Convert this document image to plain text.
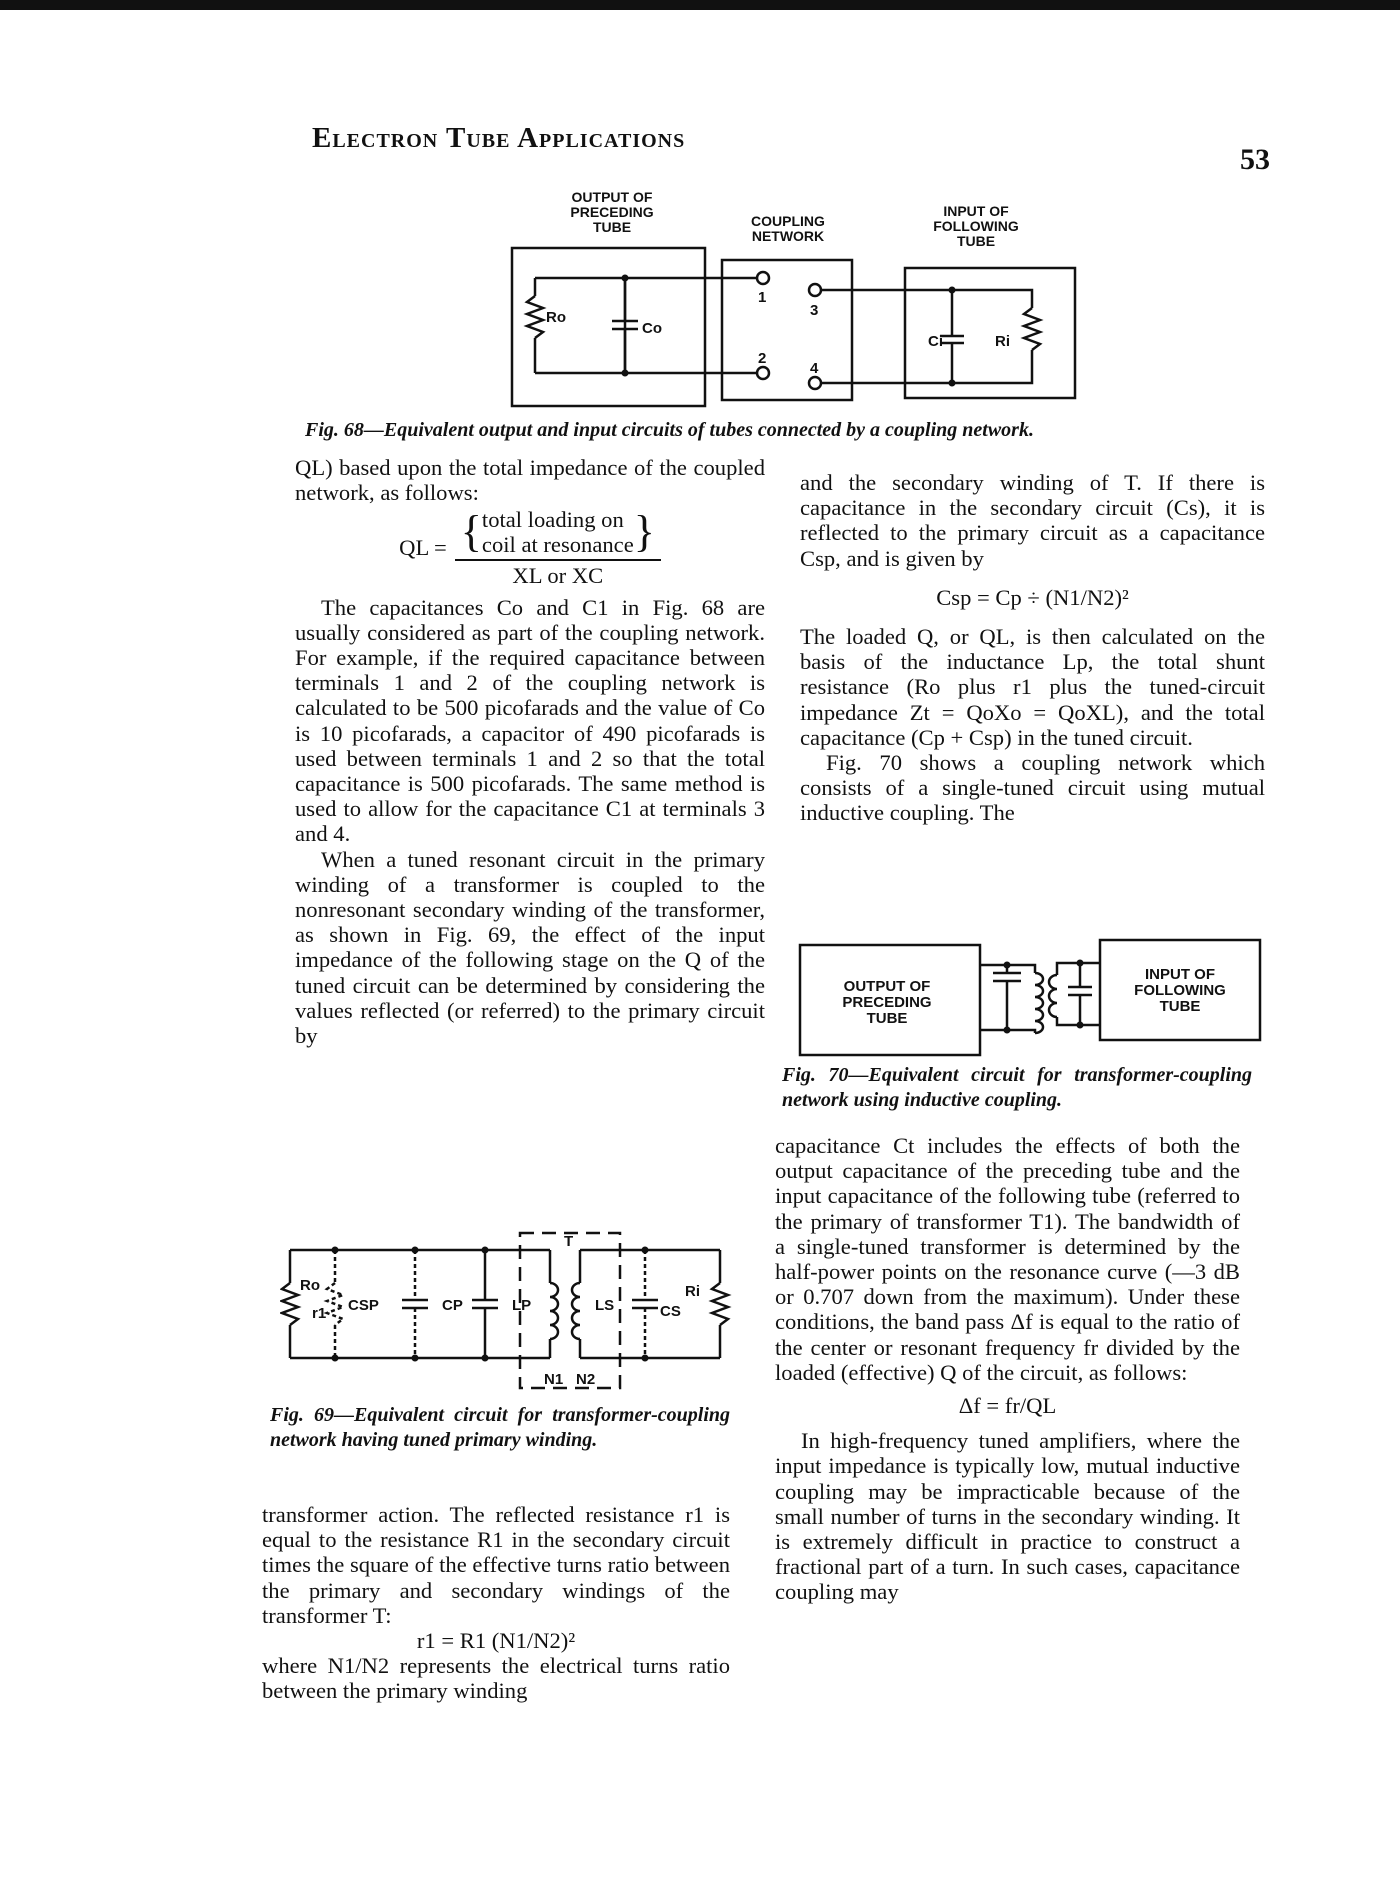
Electron Tube Applications
53
OUTPUT OF
PRECEDING
TUBE	COUPLING
NETWORK
INPUT OF
FOLLOWING
TUBE
Ro
Co
Ci	Ri
1
3
2
4
Fig. 68—Equivalent output and input circuits of tubes connected by a coupling network.

QL) based upon the total impedance of the coupled network, as follows:

QL = { total loading on
coil at resonance }
XL or XC

The capacitances Co and C1 in Fig. 68 are usually considered as part of the coupling network. For example, if the required capacitance between terminals 1 and 2 of the coupling network is calculated to be 500 picofarads and the value of Co is 10 picofarads, a capacitor of 490 picofarads is used between terminals 1 and 2 so that the total capacitance is 500 picofarads. The same method is used to allow for the capacitance C1 at terminals 3 and 4.

When a tuned resonant circuit in the primary winding of a transformer is coupled to the nonresonant secondary winding of the transformer, as shown in Fig. 69, the effect of the input impedance of the following stage on the Q of the tuned circuit can be determined by considering the values reflected (or referred) to the primary circuit by

Ro
r1 CSP	CP	LP
T
LS	CS
Ri
N1 N2
Fig. 69—Equivalent circuit for transformer-coupling network having tuned primary winding.

transformer action. The reflected resistance r1 is equal to the resistance R1 in the secondary circuit times the square of the effective turns ratio between the primary and secondary windings of the transformer T:

r1 = R1 (N1/N2)²

where N1/N2 represents the electrical turns ratio between the primary winding

and the secondary winding of T. If there is capacitance in the secondary circuit (Cs), it is reflected to the primary circuit as a capacitance Csp, and is given by

Csp = Cp ÷ (N1/N2)²

The loaded Q, or QL, is then calculated on the basis of the inductance Lp, the total shunt resistance (Ro plus r1 plus the tuned-circuit impedance Zt = QoXo = QoXL), and the total capacitance (Cp + Csp) in the tuned circuit.

Fig. 70 shows a coupling network which consists of a single-tuned circuit using mutual inductive coupling. The

OUTPUT OF
PRECEDING
TUBE
INPUT OF
FOLLOWING
TUBE
Fig. 70—Equivalent circuit for transformer-coupling network using inductive coupling.

capacitance Ct includes the effects of both the output capacitance of the preceding tube and the input capacitance of the following tube (referred to the primary of transformer T1). The bandwidth of a single-tuned transformer is determined by the half-power points on the resonance curve (—3 dB or 0.707 down from the maximum). Under these conditions, the band pass Δf is equal to the ratio of the center or resonant frequency fr divided by the loaded (effective) Q of the circuit, as follows:

Δf = fr/QL

In high-frequency tuned amplifiers, where the input impedance is typically low, mutual inductive coupling may be impracticable because of the small number of turns in the secondary winding. It is extremely difficult in practice to construct a fractional part of a turn. In such cases, capacitance coupling may
